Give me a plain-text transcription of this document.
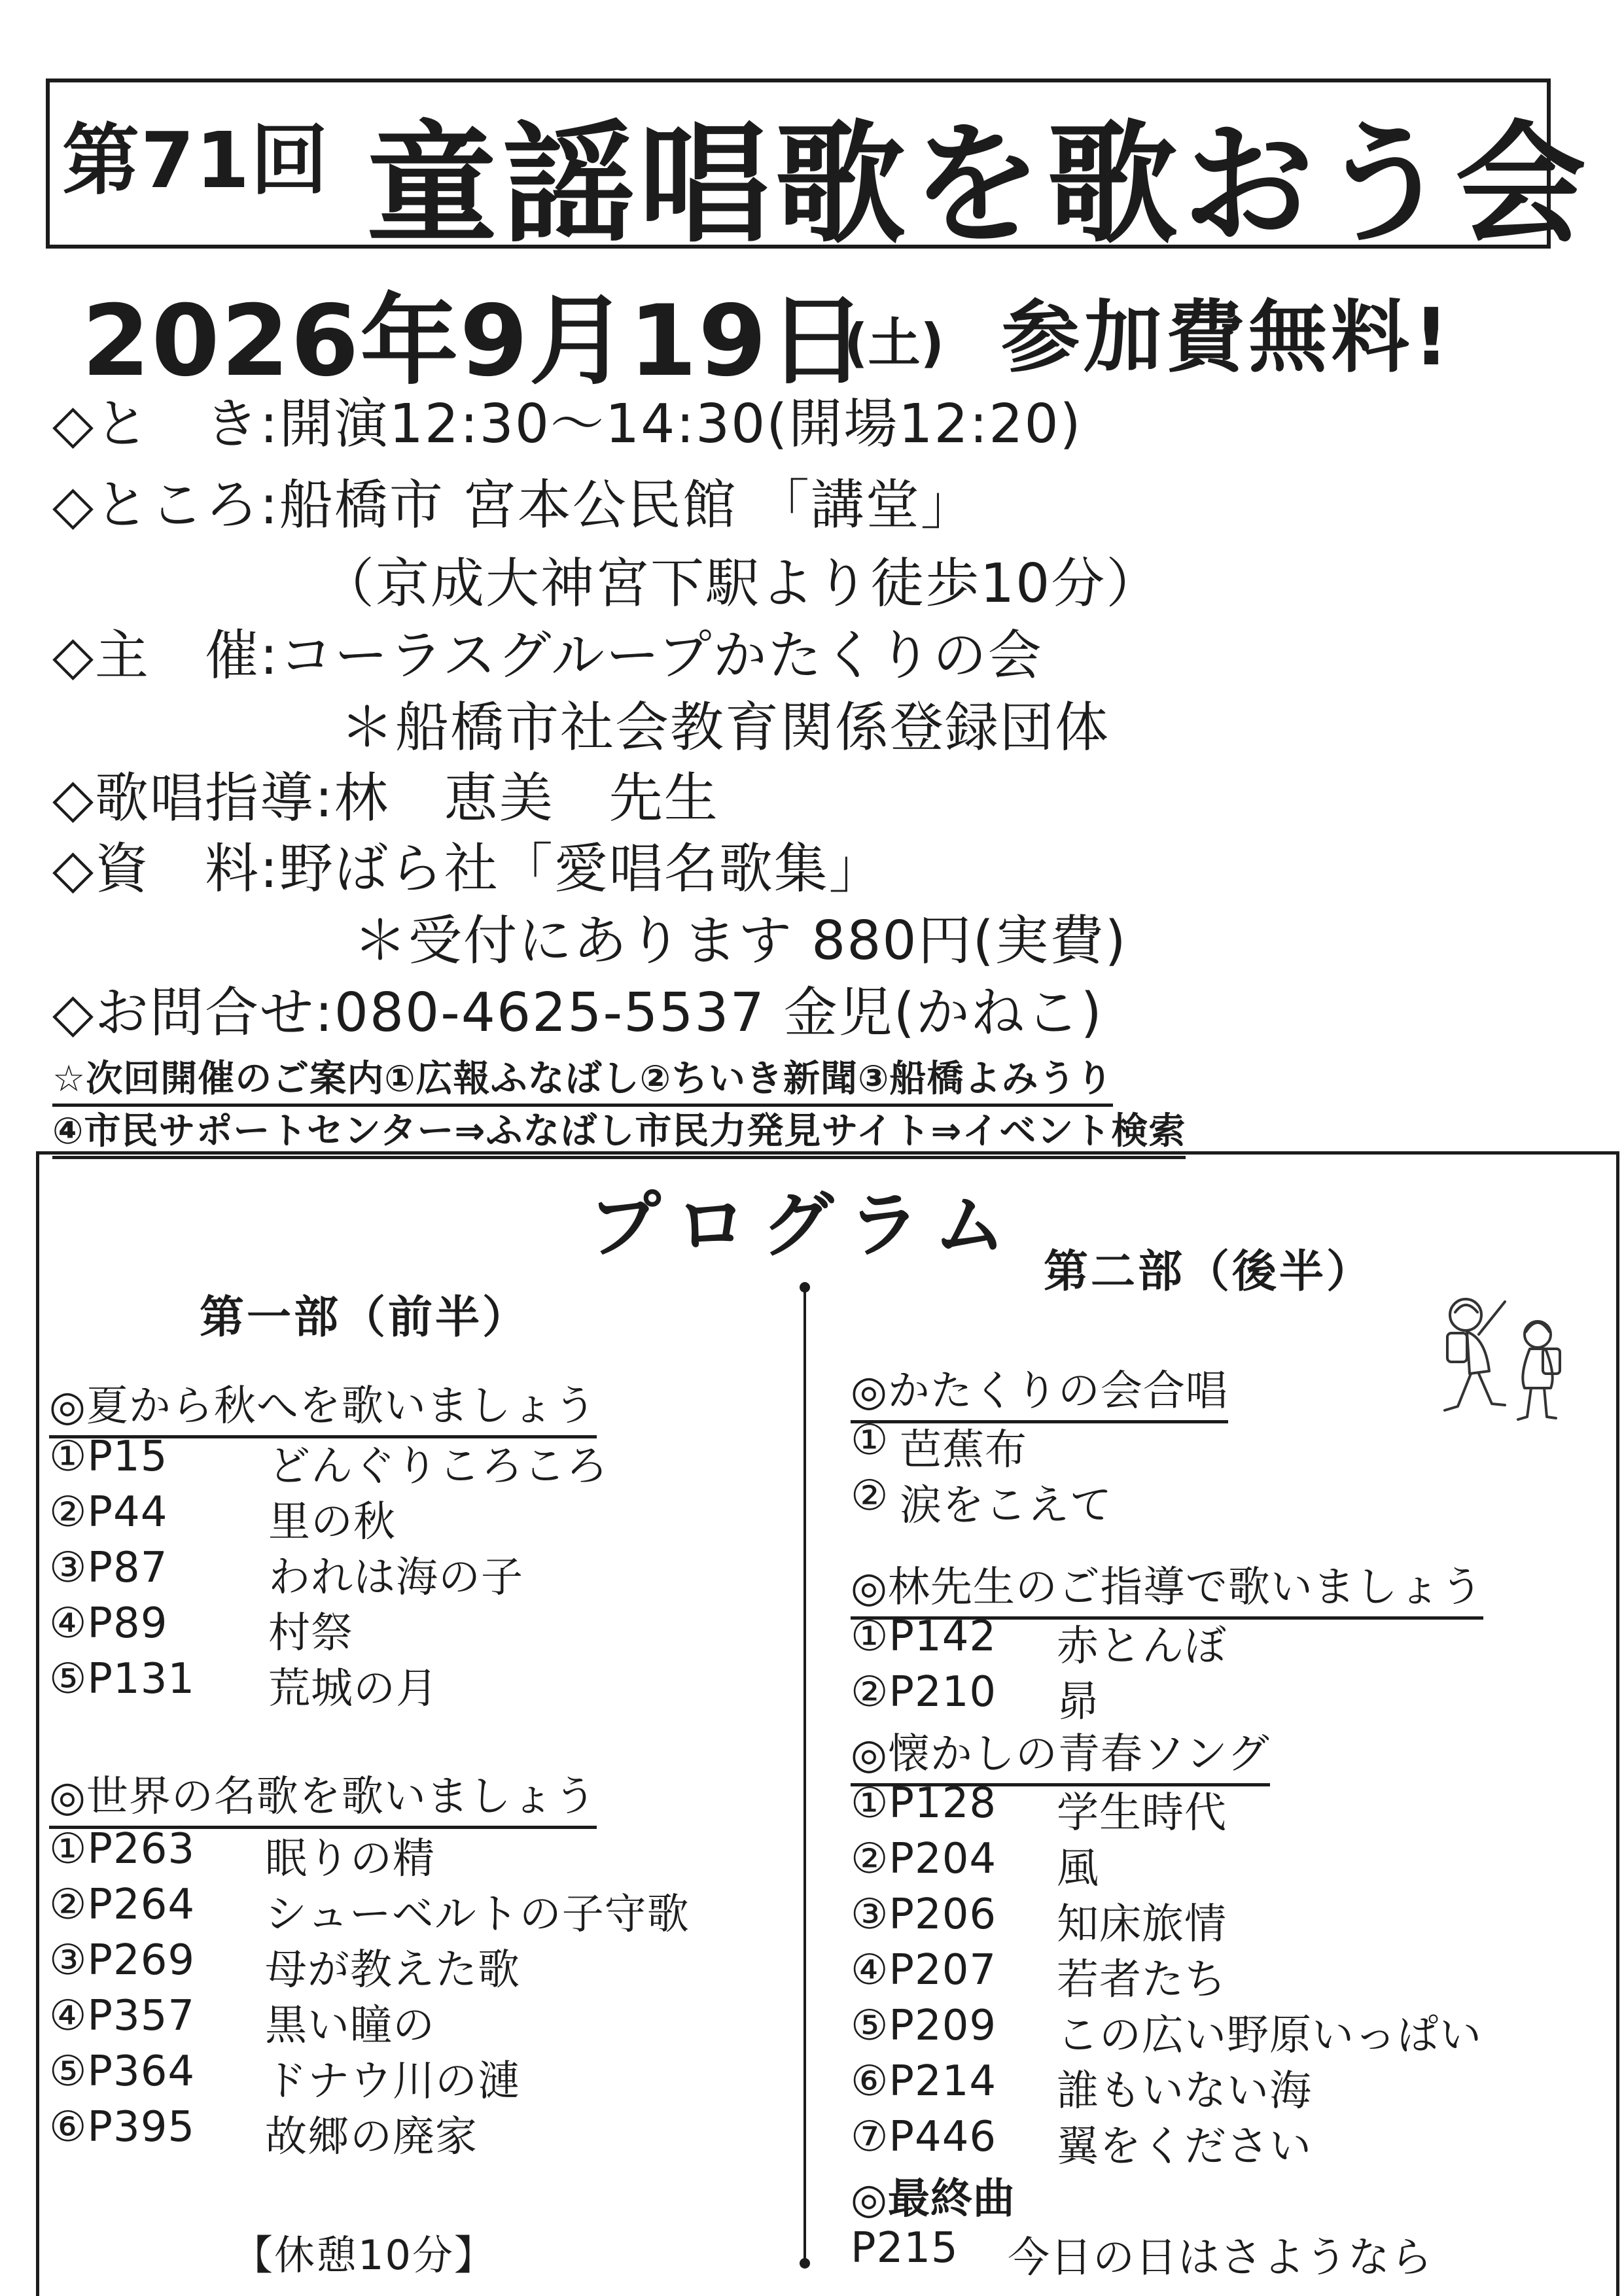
第71回 童謡唱歌を歌おう会
2026年9月19日
(土) 参加費無料!
◇と　き:開演12:30〜14:30(開場12:20)
◇ところ:船橋市 宮本公民館 「講堂」
（京成大神宮下駅より徒歩10分）
◇主　催:コーラスグループかたくりの会
＊船橋市社会教育関係登録団体
◇歌唱指導:林　恵美　先生
◇資　料:野ばら社「愛唱名歌集」
＊受付にあります 880円(実費)
◇お問合せ:080-4625-5537 金児(かねこ)
☆次回開催のご案内①広報ふなばし②ちいき新聞③船橋よみうり
④市民サポートセンター⇒ふなばし市民力発見サイト⇒イベント検索
プログラム
第一部（前半）
◎夏から秋へを歌いましょう
①P15 どんぐりころころ
②P44 里の秋
③P87 われは海の子
④P89 村祭
⑤P131 荒城の月
◎世界の名歌を歌いましょう
①P263 眠りの精
②P264 シューベルトの子守歌
③P269 母が教えた歌
④P357 黒い瞳の
⑤P364 ドナウ川の漣
⑥P395 故郷の廃家
【休憩10分】
第二部（後半）
◎かたくりの会合唱
① 芭蕉布
② 涙をこえて
◎林先生のご指導で歌いましょう
①P142 赤とんぼ
②P210 昴
◎懐かしの青春ソング
①P128 学生時代
②P204 風
③P206 知床旅情
④P207 若者たち
⑤P209 この広い野原いっぱい
⑥P214 誰もいない海
⑦P446 翼をください
◎最終曲
P215 今日の日はさようなら
